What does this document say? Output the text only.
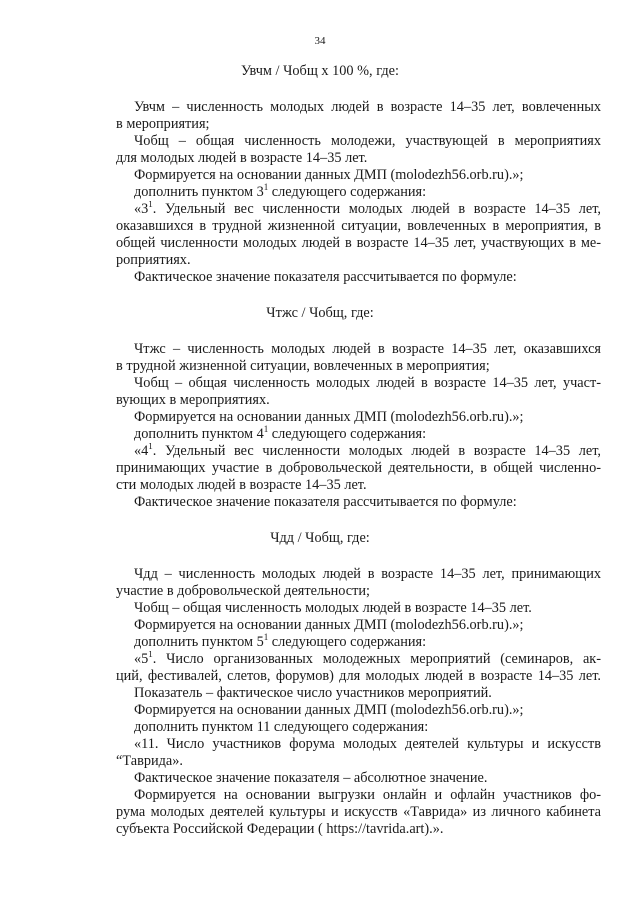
34
Увчм / Чобщ х 100 %, где:
Увчм – численность молодых людей в возрасте 14–35 лет, вовлеченных
в мероприятия;
Чобщ – общая численность молодежи, участвующей в мероприятиях
для молодых людей в возрасте 14–35 лет.
Формируется на основании данных ДМП (molodezh56.orb.ru).»;
дополнить пунктом $3^1$ следующего содержания:
«$3^1$. Удельный вес численности молодых людей в возрасте 14–35 лет,
оказавшихся в трудной жизненной ситуации, вовлеченных в мероприятия, в
общей численности молодых людей в возрасте 14–35 лет, участвующих в ме-
роприятиях.
Фактическое значение показателя рассчитывается по формуле:
Чтжс / Чобщ, где:
Чтжс – численность молодых людей в возрасте 14–35 лет, оказавшихся
в трудной жизненной ситуации, вовлеченных в мероприятия;
Чобщ – общая численность молодых людей в возрасте 14–35 лет, участ-
вующих в мероприятиях.
Формируется на основании данных ДМП (molodezh56.orb.ru).»;
дополнить пунктом $4^1$ следующего содержания:
«$4^1$. Удельный вес численности молодых людей в возрасте 14–35 лет,
принимающих участие в добровольческой деятельности, в общей численно-
сти молодых людей в возрасте 14–35 лет.
Фактическое значение показателя рассчитывается по формуле:
Чдд / Чобщ, где:
Чдд – численность молодых людей в возрасте 14–35 лет, принимающих
участие в добровольческой деятельности;
Чобщ – общая численность молодых людей в возрасте 14–35 лет.
Формируется на основании данных ДМП (molodezh56.orb.ru).»;
дополнить пунктом $5^1$ следующего содержания:
«$5^1$. Число организованных молодежных мероприятий (семинаров, ак-
ций, фестивалей, слетов, форумов) для молодых людей в возрасте 14–35 лет.
Показатель – фактическое число участников мероприятий.
Формируется на основании данных ДМП (molodezh56.orb.ru).»;
дополнить пунктом 11 следующего содержания:
«11. Число участников форума молодых деятелей культуры и искусств
“Таврида».
Фактическое значение показателя – абсолютное значение.
Формируется на основании выгрузки онлайн и офлайн участников фо-
рума молодых деятелей культуры и искусств «Таврида» из личного кабинета
субъекта Российской Федерации ( https://tavrida.art).».
